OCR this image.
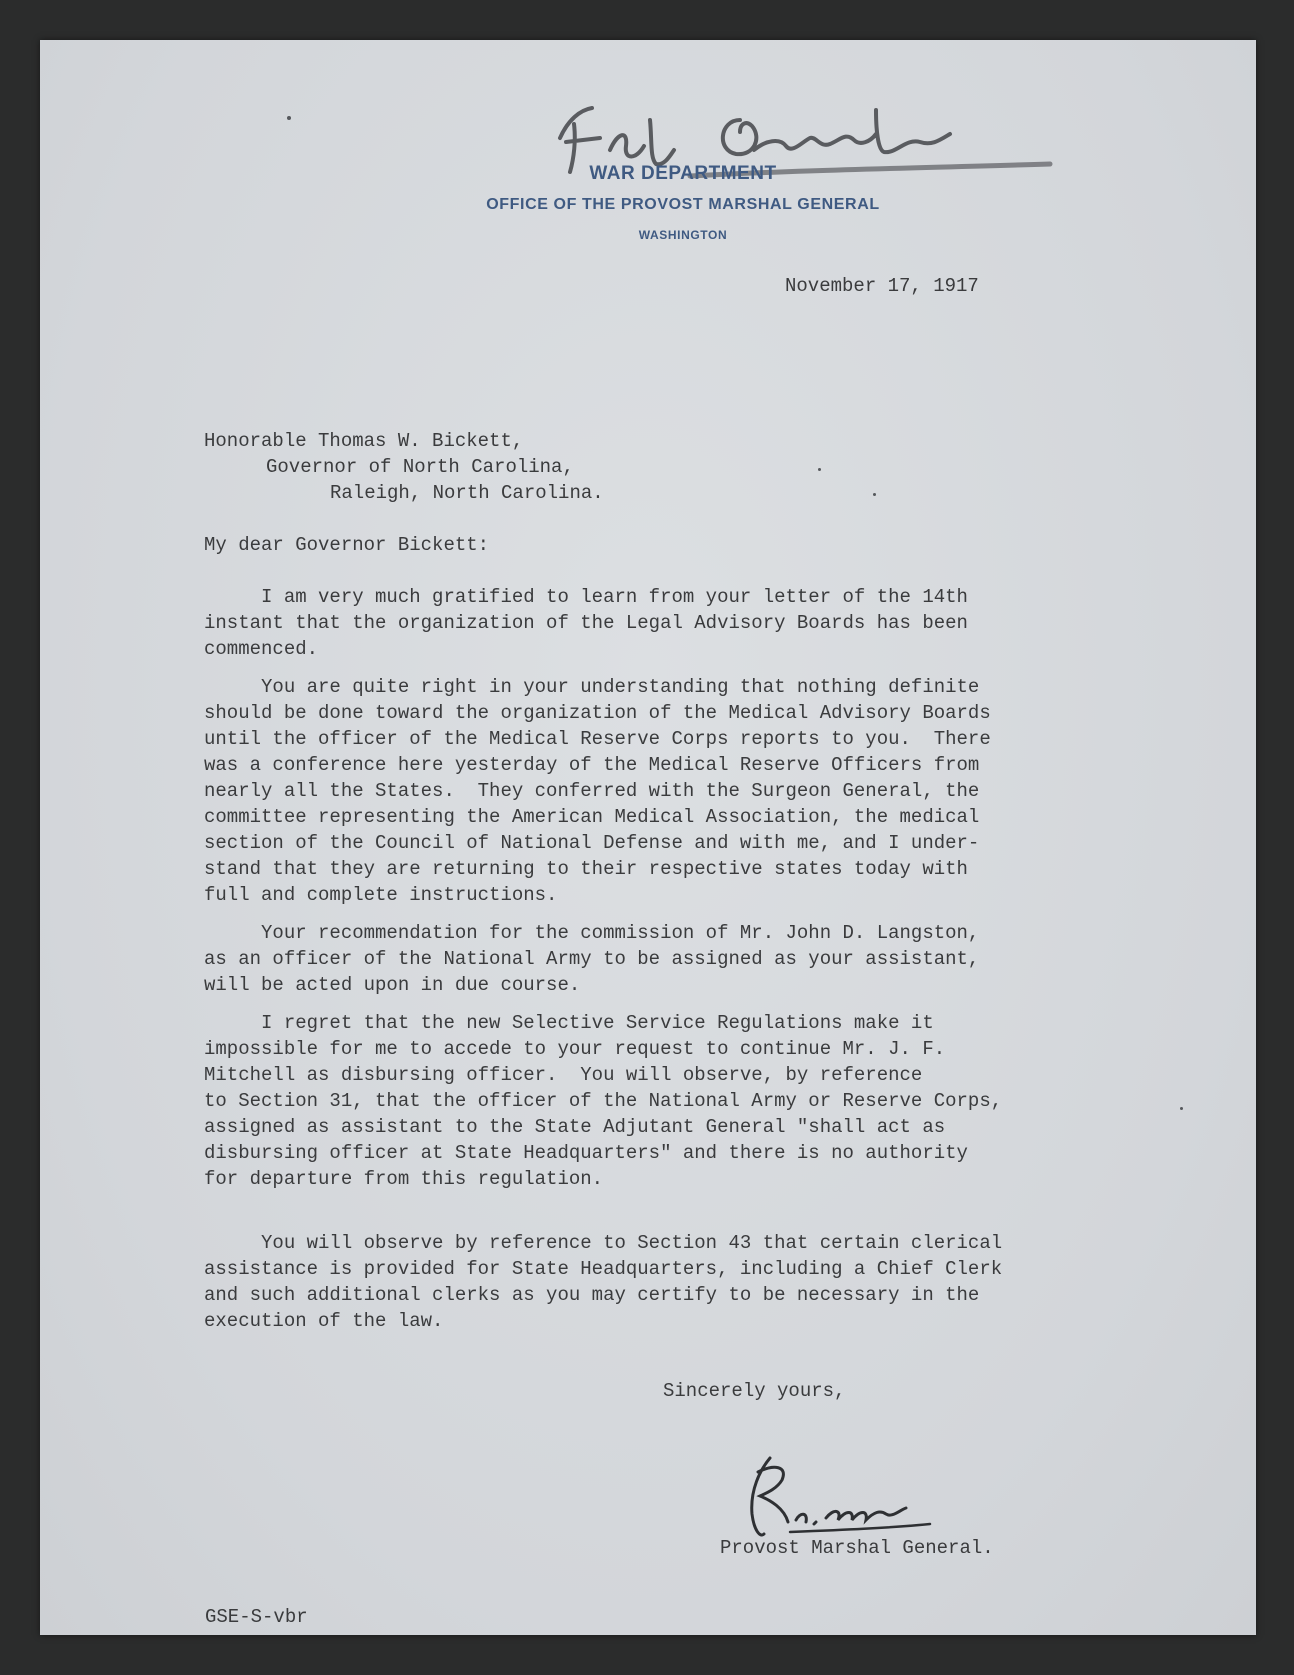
WAR DEPARTMENT

OFFICE OF THE PROVOST MARSHAL GENERAL

WASHINGTON

November 17, 1917

Honorable Thomas W. Bickett,

Governor of North Carolina,

Raleigh, North Carolina.

My dear Governor Bickett:

I am very much gratified to learn from your letter of the 14th
instant that the organization of the Legal Advisory Boards has been
commenced.
You are quite right in your understanding that nothing definite
should be done toward the organization of the Medical Advisory Boards
until the officer of the Medical Reserve Corps reports to you.  There
was a conference here yesterday of the Medical Reserve Officers from
nearly all the States.  They conferred with the Surgeon General, the
committee representing the American Medical Association, the medical
section of the Council of National Defense and with me, and I under-
stand that they are returning to their respective states today with
full and complete instructions.
Your recommendation for the commission of Mr. John D. Langston,
as an officer of the National Army to be assigned as your assistant,
will be acted upon in due course.
I regret that the new Selective Service Regulations make it
impossible for me to accede to your request to continue Mr. J. F.
Mitchell as disbursing officer.  You will observe, by reference
to Section 31, that the officer of the National Army or Reserve Corps,
assigned as assistant to the State Adjutant General "shall act as
disbursing officer at State Headquarters" and there is no authority
for departure from this regulation.
You will observe by reference to Section 43 that certain clerical
assistance is provided for State Headquarters, including a Chief Clerk
and such additional clerks as you may certify to be necessary in the
execution of the law.

Sincerely yours,

Provost Marshal General.

GSE-S-vbr
